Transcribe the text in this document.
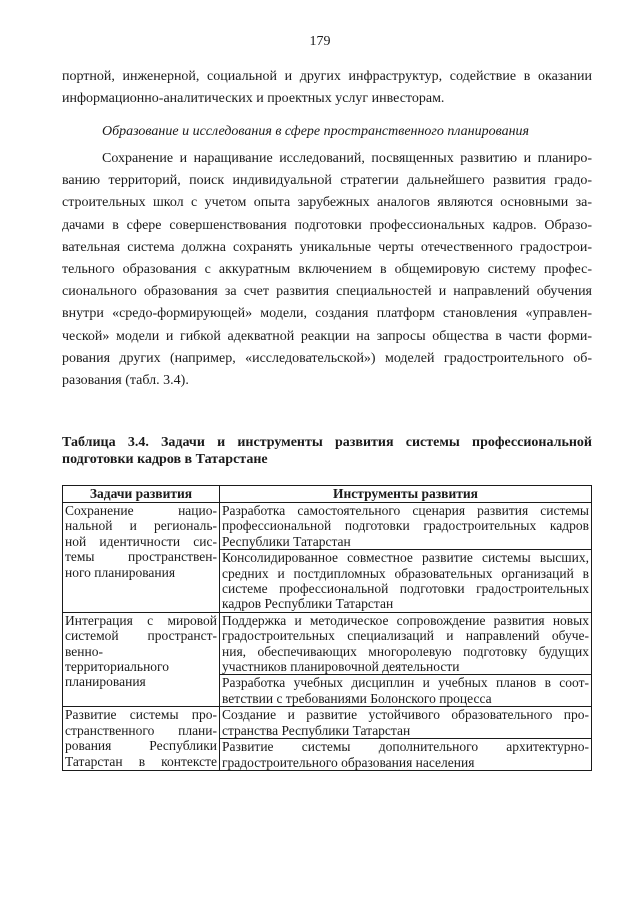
179
портной, инженерной, социальной и других инфраструктур, содействие в оказании
информационно-аналитических и проектных услуг инвесторам.
Образование и исследования в сфере пространственного планирования
Сохранение и наращивание исследований, посвященных развитию и планиро-
ванию территорий, поиск индивидуальной стратегии дальнейшего развития градо-
строительных школ с учетом опыта зарубежных аналогов являются основными за-
дачами в сфере совершенствования подготовки профессиональных кадров. Образо-
вательная система должна сохранять уникальные черты отечественного градострои-
тельного образования с аккуратным включением в общемировую систему профес-
сионального образования за счет развития специальностей и направлений обучения
внутри «средо-формирующей» модели, создания платформ становления «управлен-
ческой» модели и гибкой адекватной реакции на запросы общества в части форми-
рования других (например, «исследовательской») моделей градостроительного об-
разования (табл. 3.4).
Таблица 3.4. Задачи и инструменты развития системы профессиональной
подготовки кадров в Татарстане
Задачи развития	Инструменты развития

Сохранение нацио-
нальной и региональ-
ной идентичности сис-
темы пространствен-
ного планирования	Разработка самостоятельного сценария развития системы
профессиональной подготовки градостроительных кадров
Республики Татарстан

	Консолидированное совместное развитие системы высших,
средних и постдипломных образовательных организаций в
системе профессиональной подготовки градостроительных
кадров Республики Татарстан

Интеграция с мировой
системой пространст-
венно-
территориального
планирования	Поддержка и методическое сопровождение развития новых
градостроительных специализаций и направлений обуче-
ния, обеспечивающих многоролевую подготовку будущих
участников планировочной деятельности

	Разработка учебных дисциплин и учебных планов в соот-
ветствии с требованиями Болонского процесса

Развитие системы про-
странственного плани-
рования Республики
Татарстан в контексте	Создание и развитие устойчивого образовательного про-
странства Республики Татарстан

	Развитие системы дополнительного архитектурно-
градостроительного образования населения
